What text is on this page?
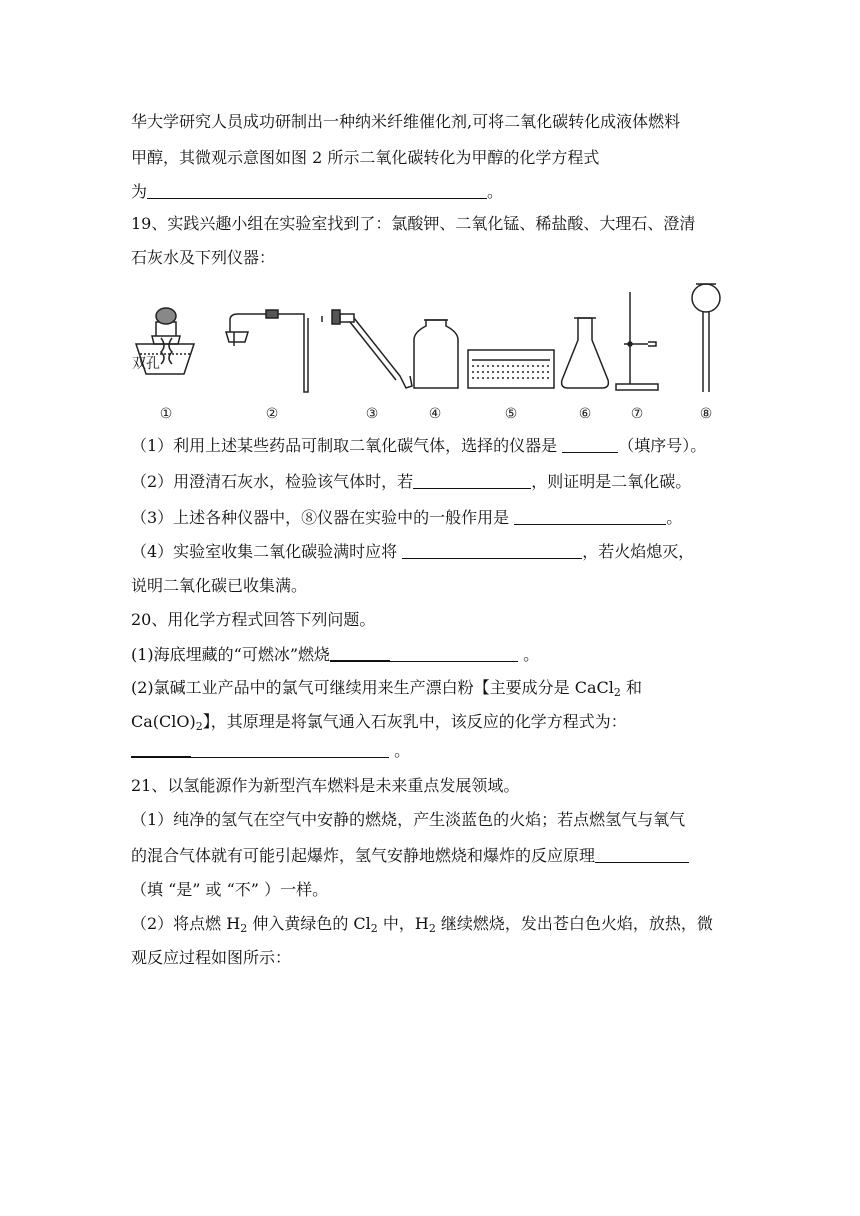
华大学研究人员成功研制出一种纳米纤维催化剂,可将二氧化碳转化成液体燃料
甲醇，其微观示意图如图 2 所示二氧化碳转化为甲醇的化学方程式
为	。
19、实践兴趣小组在实验室找到了：氯酸钾、二氧化锰、稀盐酸、大理石、澄清
石灰水及下列仪器：
双孔
①	②	③	④	⑤	⑥	⑦	⑧
（1）利用上述某些药品可制取二氧化碳气体，选择的仪器是	（填序号）。
（2）用澄清石灰水，检验该气体时，若	，则证明是二氧化碳。
（3）上述各种仪器中，⑧仪器在实验中的一般作用是	。
（4）实验室收集二氧化碳验满时应将	，若火焰熄灭，
说明二氧化碳已收集满。
20、用化学方程式回答下列问题。
(1)海底埋藏的“可燃冰”燃烧	。
(2)氯碱工业产品中的氯气可继续用来生产漂白粉【主要成分是 CaCl$_2$ 和
$Ca(ClO)_2$】，其原理是将氯气通入石灰乳中，该反应的化学方程式为：
。
21、以氢能源作为新型汽车燃料是未来重点发展领域。
（1）纯净的氢气在空气中安静的燃烧，产生淡蓝色的火焰；若点燃氢气与氧气
的混合气体就有可能引起爆炸，氢气安静地燃烧和爆炸的反应原理
（填 “是” 或 “不” ）一样。
（2）将点燃 $H_2$ 伸入黄绿色的 $Cl_2$ 中，$H_2$ 继续燃烧，发出苍白色火焰，放热，微
观反应过程如图所示：
